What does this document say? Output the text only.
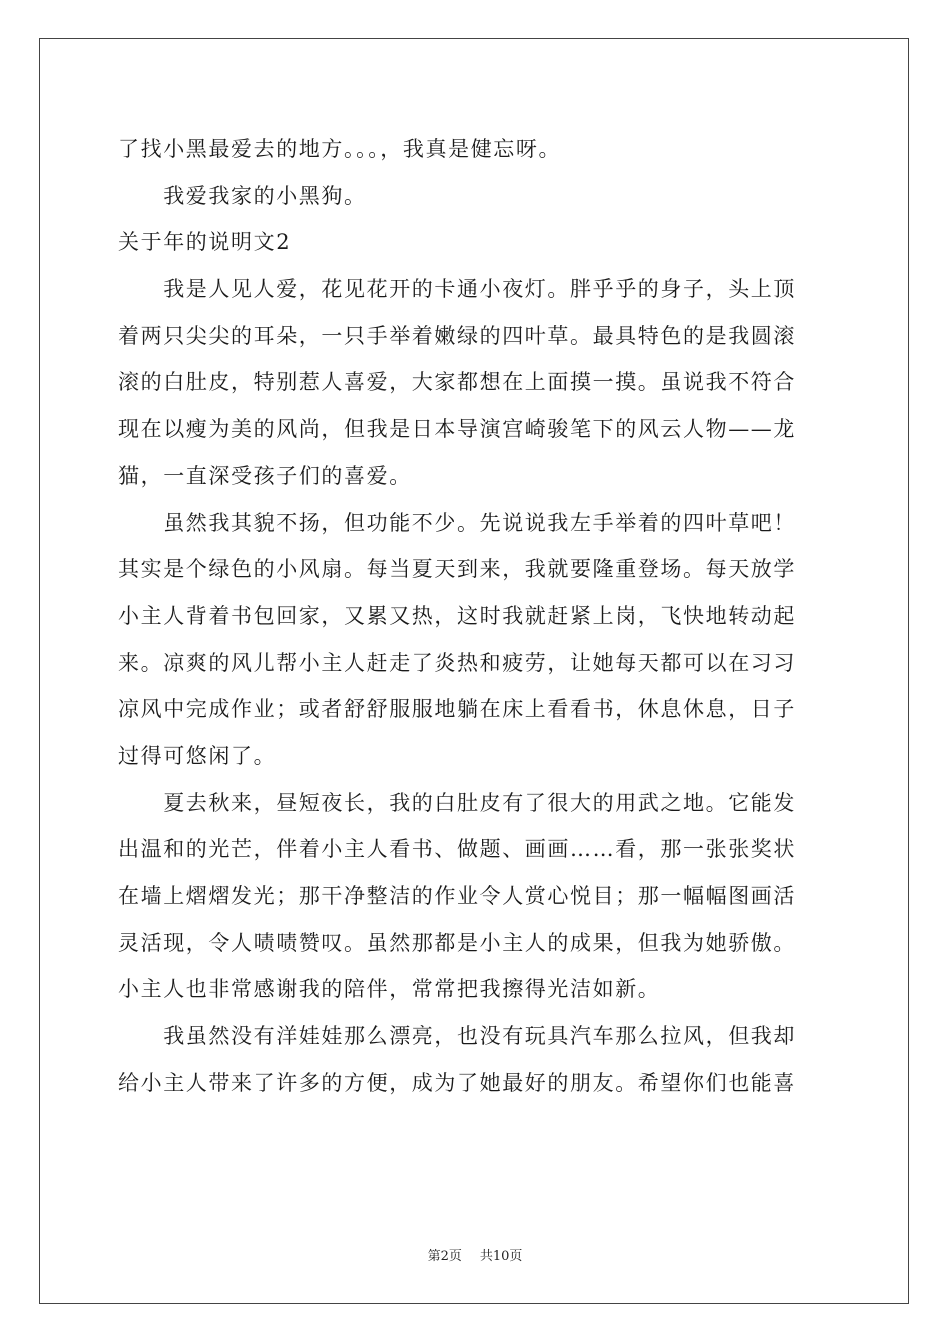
了找小黑最爱去的地方。。。，我真是健忘呀。
　　我爱我家的小黑狗。
关于年的说明文2
　　我是人见人爱，花见花开的卡通小夜灯。胖乎乎的身子，头上顶
着两只尖尖的耳朵，一只手举着嫩绿的四叶草。最具特色的是我圆滚
滚的白肚皮，特别惹人喜爱，大家都想在上面摸一摸。虽说我不符合
现在以瘦为美的风尚，但我是日本导演宫崎骏笔下的风云人物——龙
猫，一直深受孩子们的喜爱。
　　虽然我其貌不扬，但功能不少。先说说我左手举着的四叶草吧！
其实是个绿色的小风扇。每当夏天到来，我就要隆重登场。每天放学
小主人背着书包回家，又累又热，这时我就赶紧上岗，飞快地转动起
来。凉爽的风儿帮小主人赶走了炎热和疲劳，让她每天都可以在习习
凉风中完成作业；或者舒舒服服地躺在床上看看书，休息休息，日子
过得可悠闲了。
　　夏去秋来，昼短夜长，我的白肚皮有了很大的用武之地。它能发
出温和的光芒，伴着小主人看书、做题、画画……看，那一张张奖状
在墙上熠熠发光；那干净整洁的作业令人赏心悦目；那一幅幅图画活
灵活现，令人啧啧赞叹。虽然那都是小主人的成果，但我为她骄傲。
小主人也非常感谢我的陪伴，常常把我擦得光洁如新。
　　我虽然没有洋娃娃那么漂亮，也没有玩具汽车那么拉风，但我却
给小主人带来了许多的方便，成为了她最好的朋友。希望你们也能喜
第2页 共10页
